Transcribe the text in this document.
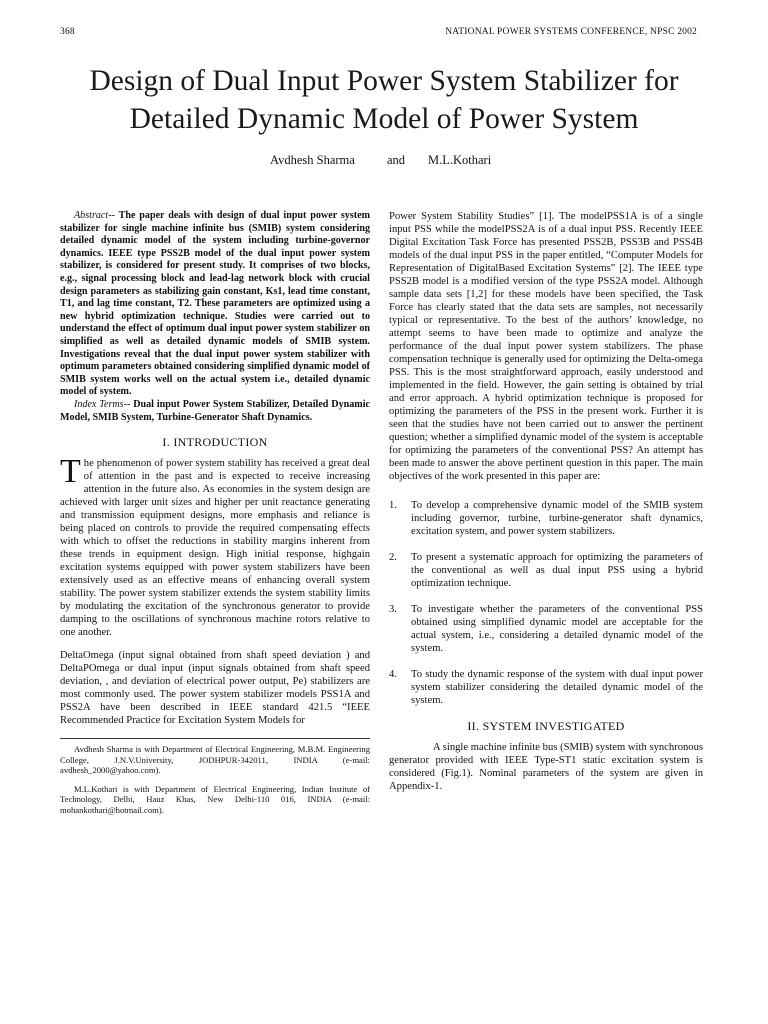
368	NATIONAL POWER SYSTEMS CONFERENCE, NPSC 2002
Design of Dual Input Power System Stabilizer for Detailed Dynamic Model of Power System
Avdhesh Sharma	and M.L.Kothari

Abstract-- The paper deals with design of dual input power system stabilizer for single machine infinite bus (SMIB) system considering detailed dynamic model of the system including turbine-governor dynamics. IEEE type PSS2B model of the dual input power system stabilizer, is considered for present study. It comprises of two blocks, e.g., signal processing block and lead-lag network block with crucial design parameters as stabilizing gain constant, Ks1, lead time constant, T1, and lag time constant, T2. These parameters are optimized using a new hybrid optimization technique. Studies were carried out to understand the effect of optimum dual input power system stabilizer on simplified as well as detailed dynamic models of SMIB system. Investigations reveal that the dual input power system stabilizer with optimum parameters obtained considering simplified dynamic model of SMIB system works well on the actual system i.e., detailed dynamic model of system.

Index Terms-- Dual input Power System Stabilizer, Detailed Dynamic Model, SMIB System, Turbine-Generator Shaft Dynamics.

I. INTRODUCTION

The phenomenon of power system stability has received a great deal of attention in the past and is expected to receive increasing attention in the future also. As economies in the system design are achieved with larger unit sizes and higher per unit reactance generating and transmission equipment designs, more emphasis and reliance is being placed on controls to provide the required compensating effects with which to offset the reductions in stability margins inherent from these trends in equipment design. High initial response, highgain excitation systems equipped with power system stabilizers have been extensively used as an effective means of enhancing overall system stability. The power system stabilizer extends the system stability limits by modulating the excitation of the synchronous generator to provide damping to the oscillations of synchronous machine rotors relative to one another.

DeltaOmega (input signal obtained from shaft speed deviation ) and DeltaPOmega or dual input (input signals obtained from shaft speed deviation, , and deviation of electrical power output, Pe) stabilizers are most commonly used. The power system stabilizer models PSS1A and PSS2A have been described in IEEE standard 421.5 “IEEE Recommended Practice for Excitation System Models for

Avdhesh Sharma is with Department of Electrical Engineering, M.B.M. Engineering College, J.N.V.University, JODHPUR-342011, INDIA (e-mail: avdhesh_2000@yahoo.com).

M.L.Kothari is with Department of Electrical Engineering, Indian Institute of Technology, Delhi, Hauz Khas, New Delhi-110 016, INDIA (e-mail: mohankothari@hotmail.com).

Power System Stability Studies” [1]. The modelPSS1A is of a single input PSS while the modelPSS2A is of a dual input PSS. Recently IEEE Digital Excitation Task Force has presented PSS2B, PSS3B and PSS4B models of the dual input PSS in the paper entitled, “Computer Models for Representation of DigitalBased Excitation Systems” [2]. The IEEE type PSS2B model is a modified version of the type PSS2A model. Although sample data sets [1,2] for these models have been specified, the Task Force has clearly stated that the data sets are samples, not necessarily typical or representative. To the best of the authors’ knowledge, no attempt seems to have been made to optimize and analyze the performance of the dual input power system stabilizers. The phase compensation technique is generally used for optimizing the Delta-omega PSS. This is the most straightforward approach, easily understood and implemented in the field. However, the gain setting is obtained by trial and error approach. A hybrid optimization technique is proposed for optimizing the parameters of the PSS in the present work. Further it is seen that the studies have not been carried out to answer the pertinent question; whether a simplified dynamic model of the system is acceptable for optimizing the parameters of the conventional PSS? An attempt has been made to answer the above pertinent question in this paper. The main objectives of the work presented in this paper are:

1. To develop a comprehensive dynamic model of the SMIB system including governor, turbine, turbine-generator shaft dynamics, excitation system, and power system stabilizers.
2. To present a systematic approach for optimizing the parameters of the conventional as well as dual input PSS using a hybrid optimization technique.
3. To investigate whether the parameters of the conventional PSS obtained using simplified dynamic model are acceptable for the actual system, i.e., considering a detailed dynamic model of the system.
4. To study the dynamic response of the system with dual input power system stabilizer considering the detailed dynamic model of the system.
II. SYSTEM INVESTIGATED

A single machine infinite bus (SMIB) system with synchronous generator provided with IEEE Type-ST1 static excitation system is considered (Fig.1). Nominal parameters of the system are given in Appendix-1.
